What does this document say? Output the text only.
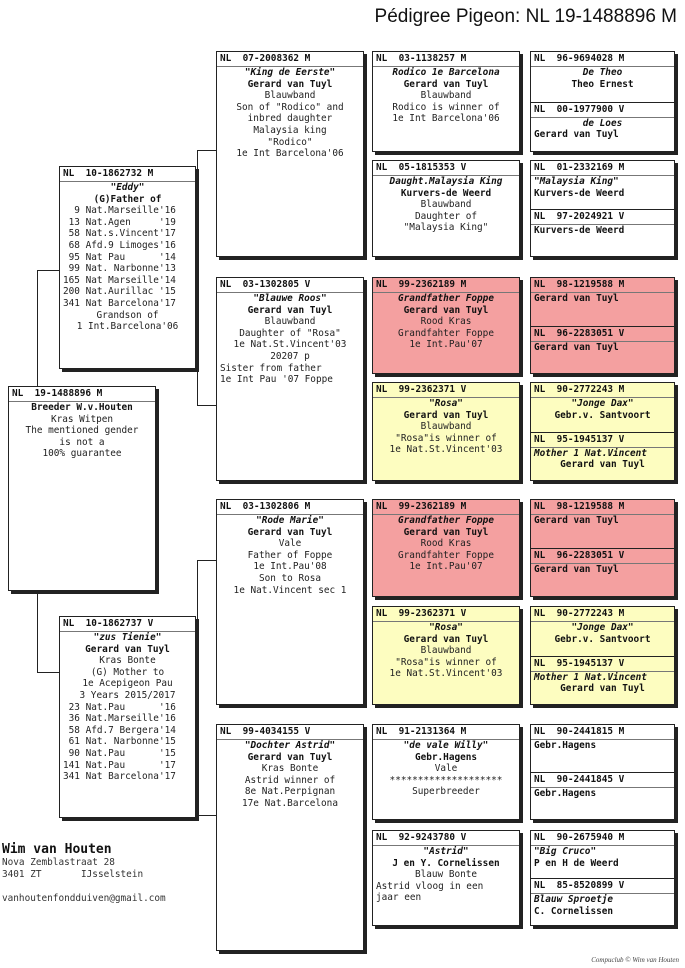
Pédigree Pigeon: NL 19-1488896 M
NL  19-1488896 M
Breeder W.v.Houten
Kras Witpen
The mentioned gender
is not a
100% guarantee
NL  10-1862732 M
"Eddy"
(G)Father of
9 Nat.Marseille'16
13 Nat.Agen     '19
58 Nat.s.Vincent'17
68 Afd.9 Limoges'16
95 Nat Pau      '14
99 Nat. Narbonne'13
165 Nat Marseille'14
200 Nat.Aurillac '15
341 Nat Barcelona'17
Grandson of
1 Int.Barcelona'06
NL  10-1862737 V
"zus Tienie"
Gerard van Tuyl
Kras Bonte
(G) Mother to
1e Acepigeon Pau
3 Years 2015/2017
23 Nat.Pau      '16
36 Nat.Marseille'16
58 Afd.7 Bergera'14
61 Nat. Narbonne'15
90 Nat.Pau      '15
141 Nat.Pau      '17
341 Nat Barcelona'17
NL  07-2008362 M
"King de Eerste"
Gerard van Tuyl
Blauwband
Son of "Rodico" and
inbred daughter
Malaysia king
"Rodico"
1e Int Barcelona'06
NL  03-1302805 V
"Blauwe Roos"
Gerard van Tuyl
Blauwband
Daughter of "Rosa"
1e Nat.St.Vincent'03
20207 p
Sister from father
1e Int Pau '07 Foppe
NL  03-1302806 M
"Rode Marie"
Gerard van Tuyl
Vale
Father of Foppe
1e Int.Pau'08
Son to Rosa
1e Nat.Vincent sec 1
NL  99-4034155 V
"Dochter Astrid"
Gerard van Tuyl
Kras Bonte
Astrid winner of
8e Nat.Perpignan
17e Nat.Barcelona
NL  03-1138257 M
Rodico 1e Barcelona
Gerard van Tuyl
Blauwband
Rodico is winner of
1e Int Barcelona'06
NL  05-1815353 V
Daught.Malaysia King
Kurvers-de Weerd
Blauwband
Daughter of
"Malaysia King"
NL  99-2362189 M
Grandfather Foppe
Gerard van Tuyl
Rood Kras
Grandfahter Foppe
1e Int.Pau'07
NL  99-2362371 V
"Rosa"
Gerard van Tuyl
Blauwband
"Rosa"is winner of
1e Nat.St.Vincent'03
NL  99-2362189 M
Grandfather Foppe
Gerard van Tuyl
Rood Kras
Grandfahter Foppe
1e Int.Pau'07
NL  99-2362371 V
"Rosa"
Gerard van Tuyl
Blauwband
"Rosa"is winner of
1e Nat.St.Vincent'03
NL  91-2131364 M
"de vale Willy"
Gebr.Hagens
Vale
********************
Superbreeder
NL  92-9243780 V
"Astrid"
J en Y. Cornelissen
Blauw Bonte
Astrid vloog in een
jaar een
NL  96-9694028 M
De Theo
Theo Ernest
NL  00-1977900 V
de Loes
Gerard van Tuyl
NL  01-2332169 M
"Malaysia King"
Kurvers-de Weerd
NL  97-2024921 V
Kurvers-de Weerd
NL  98-1219588 M
Gerard van Tuyl
NL  96-2283051 V
Gerard van Tuyl
NL  90-2772243 M
"Jonge Dax"
Gebr.v. Santvoort
NL  95-1945137 V
Mother 1 Nat.Vincent
Gerard van Tuyl
NL  98-1219588 M
Gerard van Tuyl
NL  96-2283051 V
Gerard van Tuyl
NL  90-2772243 M
"Jonge Dax"
Gebr.v. Santvoort
NL  95-1945137 V
Mother 1 Nat.Vincent
Gerard van Tuyl
NL  90-2441815 M
Gebr.Hagens
NL  90-2441845 V
Gebr.Hagens
NL  90-2675940 M
"Big Cruco"
P en H de Weerd
NL  85-8520899 V
Blauw Sproetje
C. Cornelissen
Wim van Houten
Nova Zemblastraat 28
3401 ZT       IJsselstein
vanhoutenfondduiven@gmail.com
Compuclub © Wim van Houten
